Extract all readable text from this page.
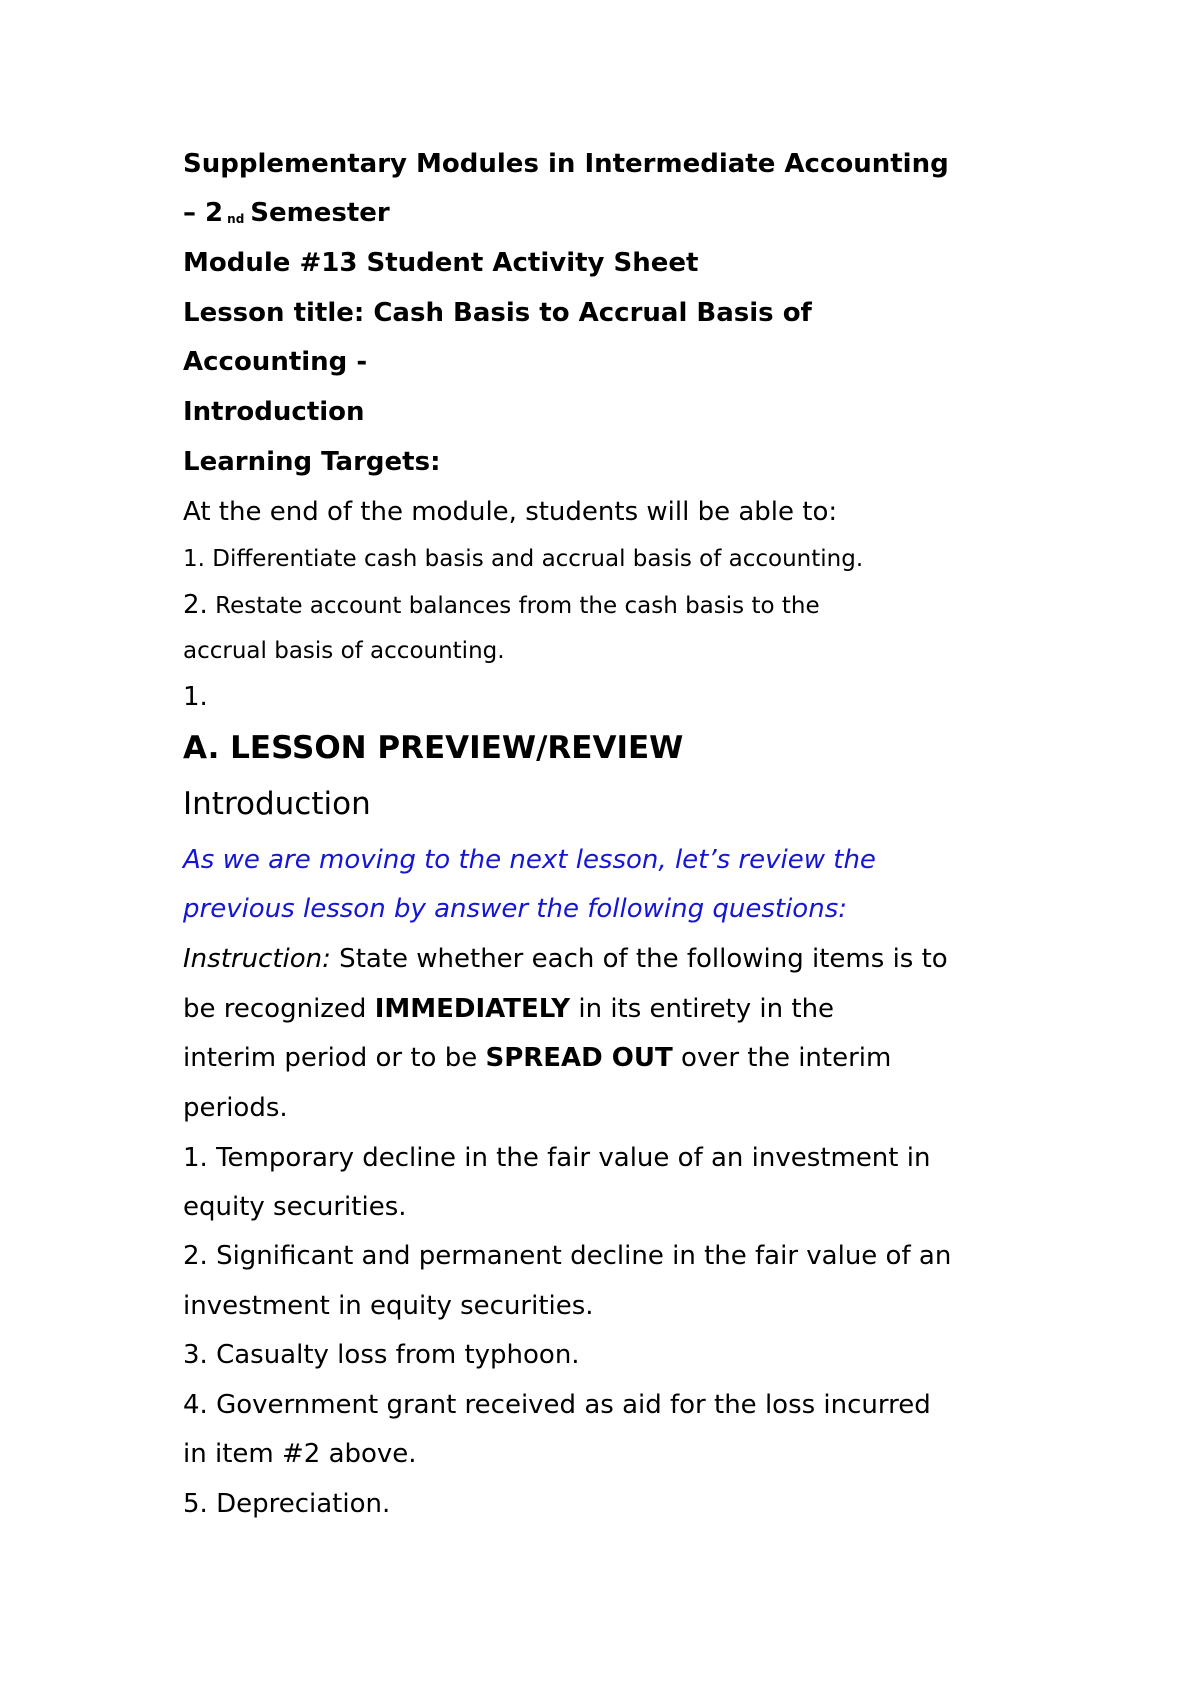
Supplementary Modules in Intermediate Accounting
– 2 nd Semester
Module #13 Student Activity Sheet
Lesson title: Cash Basis to Accrual Basis of
Accounting -
Introduction
Learning Targets:
At the end of the module, students will be able to:
1. Differentiate cash basis and accrual basis of accounting.
2. Restate account balances from the cash basis to the
accrual basis of accounting.
1.
A. LESSON PREVIEW/REVIEW
Introduction
As we are moving to the next lesson, let’s review the
previous lesson by answer the following questions:
Instruction: State whether each of the following items is to
be recognized IMMEDIATELY in its entirety in the
interim period or to be SPREAD OUT over the interim
periods.
1. Temporary decline in the fair value of an investment in
equity securities.
2. Significant and permanent decline in the fair value of an
investment in equity securities.
3. Casualty loss from typhoon.
4. Government grant received as aid for the loss incurred
in item #2 above.
5. Depreciation.
